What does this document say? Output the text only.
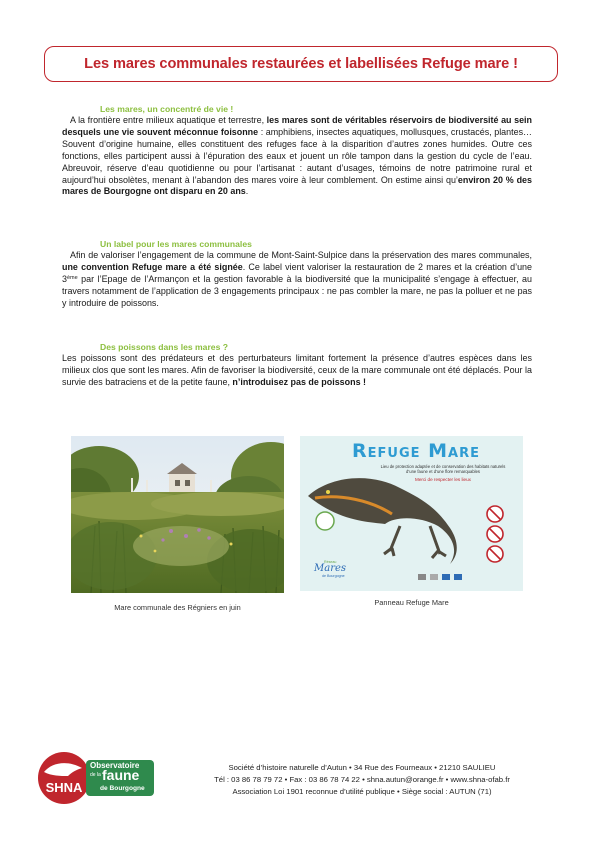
Les mares communales restaurées et labellisées Refuge mare !
Les mares, un concentré de vie !
A la frontière entre milieux aquatique et terrestre, les mares sont de véritables réservoirs de biodiversité au sein desquels une vie souvent méconnue foisonne : amphibiens, insectes aquatiques, mollusques, crustacés, plantes… Souvent d’origine humaine, elles constituent des refuges face à la disparition d’autres zones humides. Outre ces fonctions, elles participent aussi à l’épuration des eaux et jouent un rôle tampon dans la gestion du cycle de l’eau. Abreuvoir, réserve d’eau quotidienne ou pour l’artisanat : autant d’usages, témoins de notre patrimoine rural et aujourd’hui obsolètes, menant à l’abandon des mares voire à leur comblement. On estime ainsi qu’environ 20 % des mares de Bourgogne ont disparu en 20 ans.
Un label pour les mares communales
Afin de valoriser l’engagement de la commune de Mont-Saint-Sulpice dans la préservation des mares communales, une convention Refuge mare a été signée. Ce label vient valoriser la restauration de 2 mares et la création d’une 3ème par l’Epage de l’Armançon et la gestion favorable à la biodiversité que la municipalité s’engage à effectuer, au travers notamment de l’application de 3 engagements principaux : ne pas combler la mare, ne pas la polluer et ne pas y introduire de poissons.
Des poissons dans les mares ?
Les poissons sont des prédateurs et des perturbateurs limitant fortement la présence d’autres espèces dans les milieux clos que sont les mares. Afin de favoriser la biodiversité, ceux de la mare communale ont été déplacés. Pour la survie des batraciens et de la petite faune, n’introduisez pas de poissons !
Mare communale des Régniers en juin
Refuge Mare
Lieu de protection adaptée et de conservation des habitats naturels d’une faune et d’une flore remarquables
Merci de respecter les lieux
Réseau
Mares
de Bourgogne
Panneau Refuge Mare
SHNA
Observatoire
de la faune
de Bourgogne
Société d’histoire naturelle d’Autun • 34 Rue des Fourneaux • 21210 SAULIEU
Tél : 03 86 78 79 72 • Fax : 03 86 78 74 22 • shna.autun@orange.fr • www.shna-ofab.fr
Association Loi 1901 reconnue d’utilité publique • Siège social : AUTUN (71)
